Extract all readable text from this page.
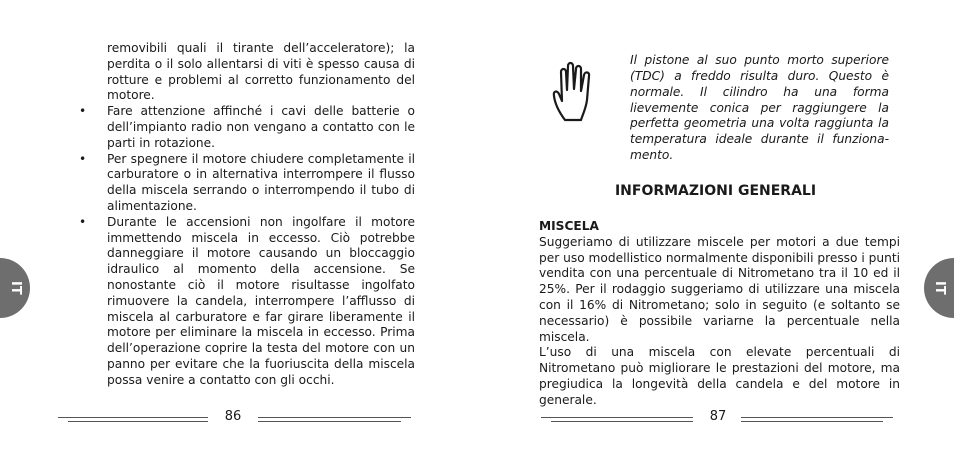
IT

removibili quali il tirante dell’acceleratore); la perdita o il solo allentarsi di viti è spesso causa di rotture e problemi al corretto funzionamento del motore.

•	Fare attenzione affinché i cavi delle batterie o dell’impianto radio non vengano a contatto con le parti in rotazione.
•	Per spegnere il motore chiudere completamente il carburatore o in alternativa interrompere il flusso della miscela serrando o interrompendo il tubo di alimentazione.
•	Durante le accensioni non ingolfare il motore immettendo miscela in eccesso. Ciò potrebbe danneggiare il motore causando un bloccaggio idraulico al momento della accensione. Se nonostante ciò il motore risultasse ingolfato rimuovere la candela, interrompere l’afflusso di miscela al carburatore e far girare liberamente il motore per eliminare la miscela in eccesso. Prima dell’operazione coprire la testa del motore con un panno per evitare che la fuoriuscita della miscela possa venire a contatto con gli occhi.
86

Il pistone al suo punto morto superiore (TDC) a freddo risulta duro. Questo è normale. Il cilindro ha una forma lievemente conica per raggiungere la perfetta geometria una volta raggiunta la temperatura ideale durante il funziona-mento.

INFORMAZIONI GENERALI

MISCELA

Suggeriamo di utilizzare miscele per motori a due tempi per uso modellistico normalmente disponibili presso i punti vendita con una percentuale di Nitrometano tra il 10 ed il 25%. Per il rodaggio suggeriamo di utilizzare una miscela con il 16% di Nitrometano; solo in seguito (e soltanto se necessario) è possibile variarne la percentuale nella miscela.

L’uso di una miscela con elevate percentuali di Nitrometano può migliorare le prestazioni del motore, ma pregiudica la longevità della candela e del motore in generale.

IT
87
